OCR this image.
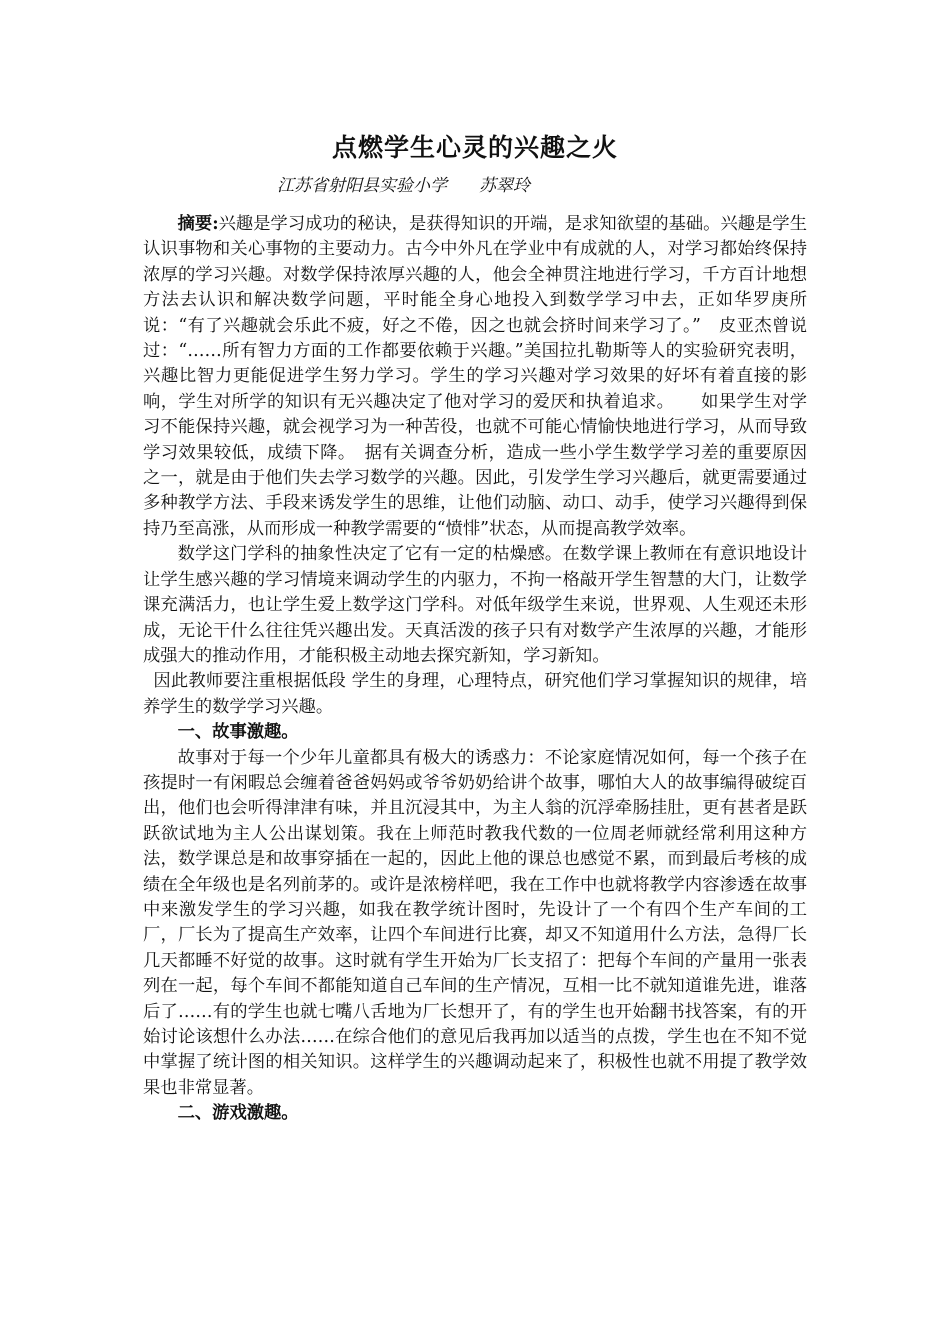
点燃学生心灵的兴趣之火
江苏省射阳县实验小学 苏翠玲

摘要:兴趣是学习成功的秘诀，是获得知识的开端，是求知欲望的基础。兴趣是学生认识事物和关心事物的主要动力。古今中外凡在学业中有成就的人，对学习都始终保持浓厚的学习兴趣。对数学保持浓厚兴趣的人，他会全神贯注地进行学习，千方百计地想方法去认识和解决数学问题，平时能全身心地投入到数学学习中去，正如华罗庚所说：“有了兴趣就会乐此不疲，好之不倦，因之也就会挤时间来学习了。”　皮亚杰曾说过：“……所有智力方面的工作都要依赖于兴趣。”美国拉扎勒斯等人的实验研究表明，兴趣比智力更能促进学生努力学习。学生的学习兴趣对学习效果的好坏有着直接的影响，学生对所学的知识有无兴趣决定了他对学习的爱厌和执着追求。　　如果学生对学习不能保持兴趣，就会视学习为一种苦役，也就不可能心情愉快地进行学习，从而导致学习效果较低，成绩下降。　据有关调查分析，造成一些小学生数学学习差的重要原因之一，就是由于他们失去学习数学的兴趣。因此，引发学生学习兴趣后，就更需要通过多种教学方法、手段来诱发学生的思维，让他们动脑、动口、动手，使学习兴趣得到保持乃至高涨，从而形成一种教学需要的“愤悱”状态，从而提高教学效率。

数学这门学科的抽象性决定了它有一定的枯燥感。在数学课上教师在有意识地设计让学生感兴趣的学习情境来调动学生的内驱力，不拘一格敲开学生智慧的大门，让数学课充满活力，也让学生爱上数学这门学科。对低年级学生来说，世界观、人生观还未形成，无论干什么往往凭兴趣出发。天真活泼的孩子只有对数学产生浓厚的兴趣，才能形成强大的推动作用，才能积极主动地去探究新知，学习新知。

因此教师要注重根据低段 学生的身理，心理特点，研究他们学习掌握知识的规律，培养学生的数学学习兴趣。

一、故事激趣。

故事对于每一个少年儿童都具有极大的诱惑力：不论家庭情况如何，每一个孩子在孩提时一有闲暇总会缠着爸爸妈妈或爷爷奶奶给讲个故事，哪怕大人的故事编得破绽百出，他们也会听得津津有味，并且沉浸其中，为主人翁的沉浮牵肠挂肚，更有甚者是跃跃欲试地为主人公出谋划策。我在上师范时教我代数的一位周老师就经常利用这种方法，数学课总是和故事穿插在一起的，因此上他的课总也感觉不累，而到最后考核的成绩在全年级也是名列前茅的。或许是浓榜样吧，我在工作中也就将教学内容渗透在故事中来激发学生的学习兴趣，如我在教学统计图时，先设计了一个有四个生产车间的工厂，厂长为了提高生产效率，让四个车间进行比赛，却又不知道用什么方法，急得厂长几天都睡不好觉的故事。这时就有学生开始为厂长支招了：把每个车间的产量用一张表列在一起，每个车间不都能知道自己车间的生产情况，互相一比不就知道谁先进，谁落后了……有的学生也就七嘴八舌地为厂长想开了，有的学生也开始翻书找答案，有的开始讨论该想什么办法……在综合他们的意见后我再加以适当的点拨，学生也在不知不觉中掌握了统计图的相关知识。这样学生的兴趣调动起来了，积极性也就不用提了教学效果也非常显著。

二、游戏激趣。
